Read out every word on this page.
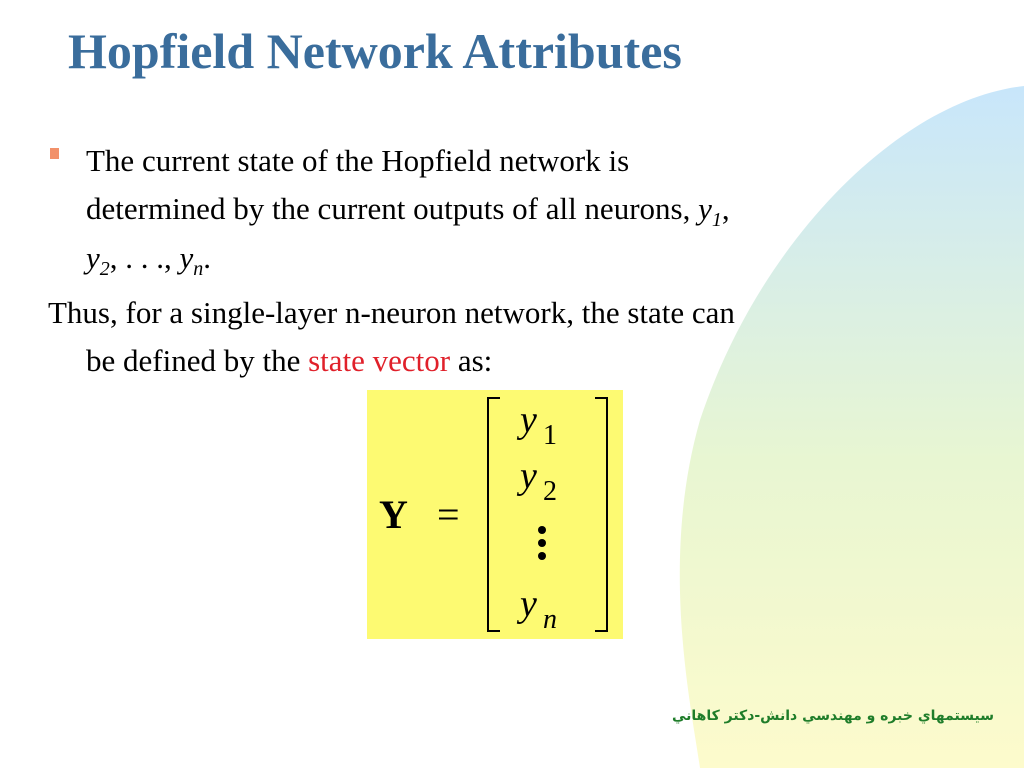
Hopfield Network Attributes
The current state of the Hopfield network is
determined by the current outputs of all neurons, $y_1$,
$y_2$, . . ., $y_n$.
Thus, for a single-layer n-neuron network, the state can
be defined by the state vector as:
Y =
y 1
y 2
y n
سيستمهاي خبره و مهندسي دانش-دكتر كاهاني
